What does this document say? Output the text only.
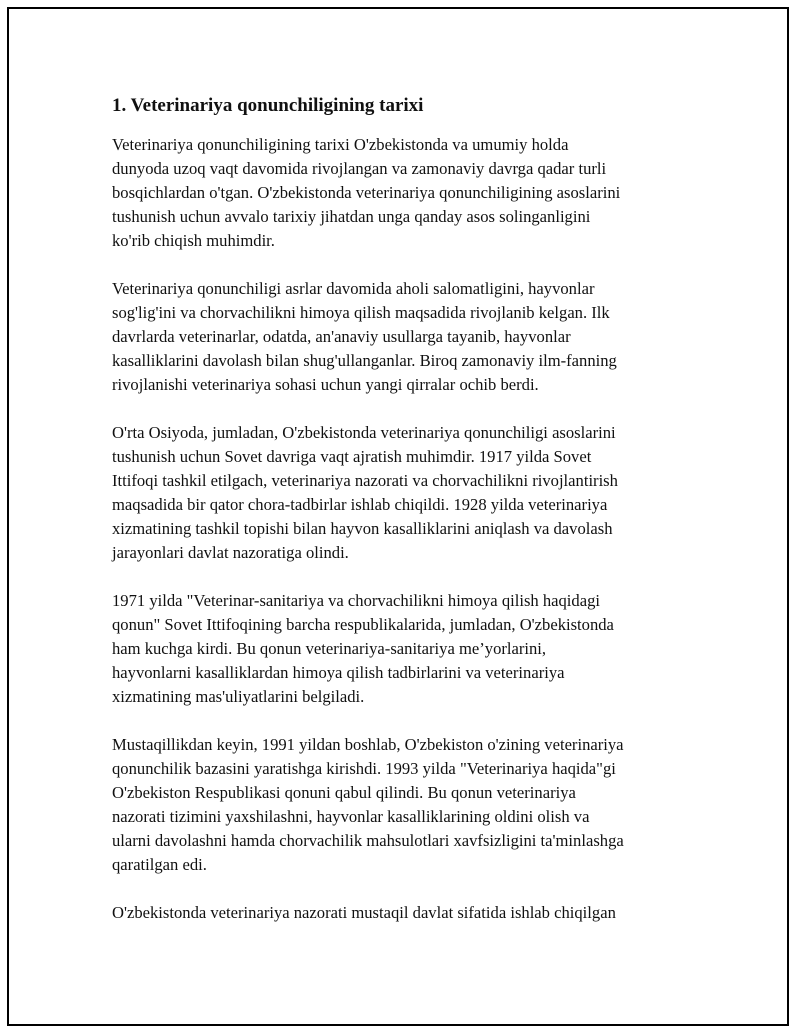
1. Veterinariya qonunchiligining tarixi
Veterinariya qonunchiligining tarixi O'zbekistonda va umumiy holda
dunyoda uzoq vaqt davomida rivojlangan va zamonaviy davrga qadar turli
bosqichlardan o'tgan. O'zbekistonda veterinariya qonunchiligining asoslarini
tushunish uchun avvalo tarixiy jihatdan unga qanday asos solinganligini
ko'rib chiqish muhimdir.
Veterinariya qonunchiligi asrlar davomida aholi salomatligini, hayvonlar
sog'lig'ini va chorvachilikni himoya qilish maqsadida rivojlanib kelgan. Ilk
davrlarda veterinarlar, odatda, an'anaviy usullarga tayanib, hayvonlar
kasalliklarini davolash bilan shug'ullanganlar. Biroq zamonaviy ilm-fanning
rivojlanishi veterinariya sohasi uchun yangi qirralar ochib berdi.
O'rta Osiyoda, jumladan, O'zbekistonda veterinariya qonunchiligi asoslarini
tushunish uchun Sovet davriga vaqt ajratish muhimdir. 1917 yilda Sovet
Ittifoqi tashkil etilgach, veterinariya nazorati va chorvachilikni rivojlantirish
maqsadida bir qator chora-tadbirlar ishlab chiqildi. 1928 yilda veterinariya
xizmatining tashkil topishi bilan hayvon kasalliklarini aniqlash va davolash
jarayonlari davlat nazoratiga olindi.
1971 yilda "Veterinar-sanitariya va chorvachilikni himoya qilish haqidagi
qonun" Sovet Ittifoqining barcha respublikalarida, jumladan, O'zbekistonda
ham kuchga kirdi. Bu qonun veterinariya-sanitariya me’yorlarini,
hayvonlarni kasalliklardan himoya qilish tadbirlarini va veterinariya
xizmatining mas'uliyatlarini belgiladi.
Mustaqillikdan keyin, 1991 yildan boshlab, O'zbekiston o'zining veterinariya
qonunchilik bazasini yaratishga kirishdi. 1993 yilda "Veterinariya haqida"gi
O'zbekiston Respublikasi qonuni qabul qilindi. Bu qonun veterinariya
nazorati tizimini yaxshilashni, hayvonlar kasalliklarining oldini olish va
ularni davolashni hamda chorvachilik mahsulotlari xavfsizligini ta'minlashga
qaratilgan edi.
O'zbekistonda veterinariya nazorati mustaqil davlat sifatida ishlab chiqilgan
